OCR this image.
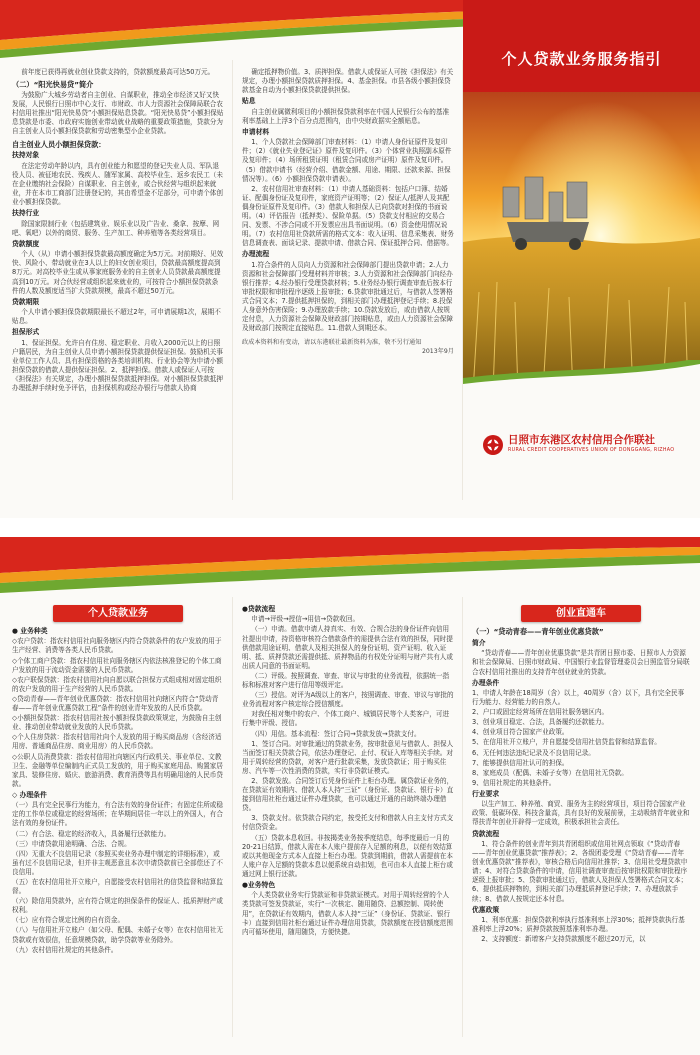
前年度已获得再就业创业贷款支持的，贷款额度最高可达50万元。

（二）“阳光快易贷”简介

为鼓励广大城乡劳动者自主创业、自谋职业，推动全市经济又好又快发展，人民银行日照市中心支行、市财政、市人力资源社会保障局联合农村信用社推出“阳光快易贷”小额担保贴息贷款。“阳光快易贷”小额担保贴息贷款是市委、市政府实施创业带动就业战略的重要政策措施，贷款分为自主创业人员小额担保贷款和劳动密集型小企业贷款。

自主创业人员小额担保贷款：
扶持对象

在法定劳动年龄以内，具有创业能力和愿望的登记失业人员、军队退役人员、被征地农民、残疾人、随军家属、高校毕业生、返乡农民工（未在企业缴纳社会保险）自谋职业、自主创业，或合伙经营与组织起来就业，并在本市工商部门注册登记的，其由希望金不足部分，可申请个体创业小额担保贷款。

扶持行业

除国家限制行业（包括建筑业、娱乐业以及广告业、桑拿、按摩、网吧、氧吧）以外的商贸、服务、生产加工、种养殖等各类经营项目。

贷款额度

个人（从）申请小额担保贷款最高额度确定为5万元。对前期好、见效快、风险小、带动就业在3人以上的妇女创业项目，贷款最高额度提高到8万元。对高校毕业生或从事家庭服务业的自主创业人员贷款最高额度提高到10万元。对合伙经营或组织起来就业的，可按符合小额担保贷款条件的人数及额度适当扩大贷款规模，最高不超过50万元。

贷款期限

个人申请小额担保贷款期限最长不超过2年，可申请展期1次，展期不贴息。

担保形式

1、保证担保。允许自有住房、稳定职业、月收入2000元以上的日照户籍居民，为自主创业人员申请小额担保贷款提供保证担保。鼓励机关事业单位工作人员、具有担保资格的各类培训机构、行业协会等为申请小额担保贷款的借款人提供保证担保。2、抵押担保。借款人或保证人可按《担保法》有关规定，办理小额担保贷款抵押担保。对小额担保贷款抵押办理抵押手续时免予评估，由担保机构或经办银行与借款人协商

确定抵押物价值。3、质押担保。借款人或保证人可按《担保法》有关规定，办理小额担保贷款质押担保。4、基金担保。市县各级小额担保贷款基金自动为小额担保贷款提供担保。

贴息

自主创业属微利项目的小额担保贷款利率在中国人民银行公布的基准利率基础上上浮3个百分点范围内，由中央财政据实全额贴息。

申请材料

1、个人贷款社会保障部门审查材料：（1）申请人身份证原件及复印件；（2）《就业失业登记证》原件及复印件。（3）个体营业执照副本原件及复印件；（4）场所租赁证明（租赁合同或房产证明）原件及复印件。（5）借款申请书（经营介绍、借款金额、用途、期限、还款来源、担保情况等）。（6）小额担保贷款申请表）。

2、农村信用社审查材料：（1）申请人基础资料：包括户口簿、结婚证、配偶身份证及复印件，家庭资产证明等；（2）保证人/抵押人及其配偶身份证原件及复印件。（3）借款人和担保人已向贷款对担保的书面说明。（4）评估报告（抵押类）、保险单据。（5）贷款支付相应的交易合同、发票、不涉合同或不开发票应出具书面说明。（6）资金使用情况说明。（7）农村信用社贷款所需的格式文本：收入证明、信息采集表、财务信息调查表、面谈记录、提款申请、借款合同、保证抵押合同、借据等。

办理流程

1.符合条件的人员向人力资源和社会保障部门提出贷款申请；2.人力资源和社会保障部门受理材料并审核；3.人力资源和社会保障部门向经办银行推荐；4.经办银行受理贷款材料；5.业务经办银行调查审查后按本行审批权限和审批程序逐级上报审批；6.贷款审批通过后，与借款人签署格式合同文本；7.提供抵押担保的，到相关部门办理抵押登记手续；8.投保人身意外伤害保险；9.办理放款手续；10.贷款发放后，或由借款人按规定付息，人力资源社会保障及财政部门按期贴息，或由人力资源社会保障及财政部门按规定直接贴息。11.借款人到期还本。

政成本资料和有变动，请以东港联社最新资料为准，敬不另行通知
2013年9月
个人贷款业务服务指引
日照市东港区农村信用合作联社
RURAL CREDIT COOPERATIVES UNION OF DONGGANG, RIZHAO
个人贷款业务
● 业务种类
◇农户贷款：指农村信用社向服务辖区内符合贷款条件的农户发放的用于生产经营、消费等各类人民币贷款。
◇个体工商户贷款：指农村信用社向服务辖区内依法核准登记的个体工商户发放的用于流动资金需要的人民币贷款。
◇农户联保贷款：指农村信用社向自愿以联合担保方式组成相对固定组织的农户发放的用于生产经营的人民币贷款。
◇贷动青春——青年创业优惠贷款：指农村信用社向辖区内符合“贷动青春——青年创业优惠贷款工程”条件的创业青年发放的人民币贷款。
◇小额担保贷款：指农村信用社按小额担保贷款政策规定，为鼓励自主创业、推动创业带动就业发放的人民币贷款。
◇个人住房贷款：指农村信用社向个人发放的用于购买商品房（含经济适用房、普通商品住房、商业用房）的人民币贷款。
◇公职人员消费贷款：指农村信用社向辖区内行政机关、事业单位、文教卫生、金融等单位编制内正式员工发放的，用于购买家庭用品、购置家居家具、装修住房、婚庆、旅游消费、教育消费等具有明确用途的人民币贷款。
◇ 办理条件
（一）具有完全民事行为能力，有合法有效的身份证件；有固定住所或稳定的工作单位或稳定的经营场所；在华期间居住一年以上的外国人，有合法有效的身份证件。
（二）有合法、稳定的经济收入，具备履行还款能力。
（三）申请贷款用途明确、合法、合规。
（四）无重大不良信用记录（参照买卖业务办理中制定的详细标准），或虽有过不良信用记录，但并非主观恶意且本次申请贷款前已全部偿还了不良信用。
（五）在农村信用社开立账户，自愿接受农村信用社的信贷监督和结算监督。
（六）除信用贷款外，应有符合规定的担保条件的保证人、抵质押财产或权利。
（七）应有符合规定比例的自有资金。
（八）与信用社开立账户（如父母、配偶、未婚子女等）在农村信用社无贷款或有效很信，任意规模贷款，助学贷款等业务除外。
（九）农村信用社规定的其他条件。
●贷款流程

申请→评级→授信→用信→贷款收回。

（一）申请。借款申请人持真实、有效、合规合法的身份证件向信用社提出申请，持资格审核符合借款条件的需提供合法有效的担保，同时提供借款用途证明、借款人及相关担保人的身份证明、资产证明、收入证明、抵、质押贷款还需提供抵、质押物品的有权处分证明与财产共有人或出质人同意的书面证明。

（二）评级。按照调查、审查、审议与审批的业务流程，依据统一指标和标准对客户进行信用等级评定。

（三）授信。对评为A级以上的客户，按照调查、审查、审议与审批的业务流程对客户核定综合授信额度。

对我任相对集中的农户、个体工商户、城镇居民等个人类客户，可进行集中评级、授信。

（四）用信。基本流程：签订合同→贷款发放→贷款支付。

1、签订合同。对审批通过的贷款业务，按审批意见与借款人、担保人当面签订相关贷款合同，依法办理登记、止付、权证入库等相关手续。对用于周转经营的贷款，对客户进行批款采集，发放贷款证；用于购买住房、汽车等一次性消费的贷款，实行非贷款证模式。

2、贷款发放。合同签订后凭身份证件上柜台办理。属贷款证业务的，在贷款证有效期内、借款人本人持“三证”（身份证、贷款证、银行卡）直接到信用社柜台通过证件办理贷款，也可以通过开通的自助终端办理借贷。

3、贷款支付。依贷款合同约定，按受托支付和借款人自主支付方式支付信贷资金。

（五）贷款本息收回。非按揭类业务按季度结息，每季度最后一月的20-21日结算，借款人需在本人账户提前存入足额的利息，以便有效结算或以其他现金方式本人直接上柜台办理。贷款到期前，借款人需提前在本人账户存入足额的贷款本息以便系统自动扣划，也可由本人直接上柜台或通过网上银行还款。

●业务特色

个人类贷款业务实行贷款证和非贷款证模式。对用于周转经营的个人类贷款可签发贷款证，实行“一次核定、随用随贷、总额控制、周转使用”，在贷款证有效期内，借款人本人持“三证”（身份证、贷款证、银行卡）直接到信用社柜台通过证件办理信用贷款，贷款额度在授信额度范围内可循环使用，随用随贷，方便快捷。

创业直通车
（一）“贷动青春——青年创业优惠贷款”
简介

“贷动青春——青年创业优惠贷款”是共青团日照市委、日照市人力资源和社会保障局、日照市财政局、中国银行业监督管理委员会日照监管分局联合农村信用社推出的支持青年创业就业的贷款。

办理条件
1、申请人年龄在18周岁（含）以上，40周岁（含）以下，具有完全民事行为能力、经营能力的自然人。
2、户口或固定经营场所在信用社服务辖区内。
3、创业项目稳定、合法，具备履约还款能力。
4、创业项目符合国家产业政策。
5、在信用社开立账户，并自愿接受信用社信贷监督和结算监督。
6、无任何违法违纪记录及不良信用记录。
7、能够提供信用社认可的担保。
8、家庭成员（配偶、未婚子女等）在信用社无贷款。
9、信用社规定的其他条件。
行业要求

以生产加工、种养殖、商贸、服务为主的经营项目，项目符合国家产业政策、低碳环保、科技含量高，具有良好的发展前景，主动吸纳青年就业和帮扶青年创业开辟得一定成效，积极承担社会责任。

贷款流程

1、符合条件的创业青年到共青团组织或信用社网点领取《“贷动青春——青年创业优惠贷款”推荐表》；2、各级团委受理《“贷动青春——青年创业优惠贷款”推荐表》，审核合格后向信用社推荐；3、信用社受理贷款申请；4、对符合贷款条件的申请，信用社调查审查后按审批权限和审批程序逐级上报审批；5、贷款审批通过后，借款人及担保人签署格式合同文本；6、提供抵质押物的，到相关部门办理抵质押登记手续；7、办理放款手续；8、借款人按规定还本付息。

优惠政策

1、利率优惠：担保贷款利率执行基准利率上浮30%；抵押贷款执行基准利率上浮20%；质押贷款按照基准利率办理。

2、支持额度：新增客户支持贷款额度不超过20万元，以
